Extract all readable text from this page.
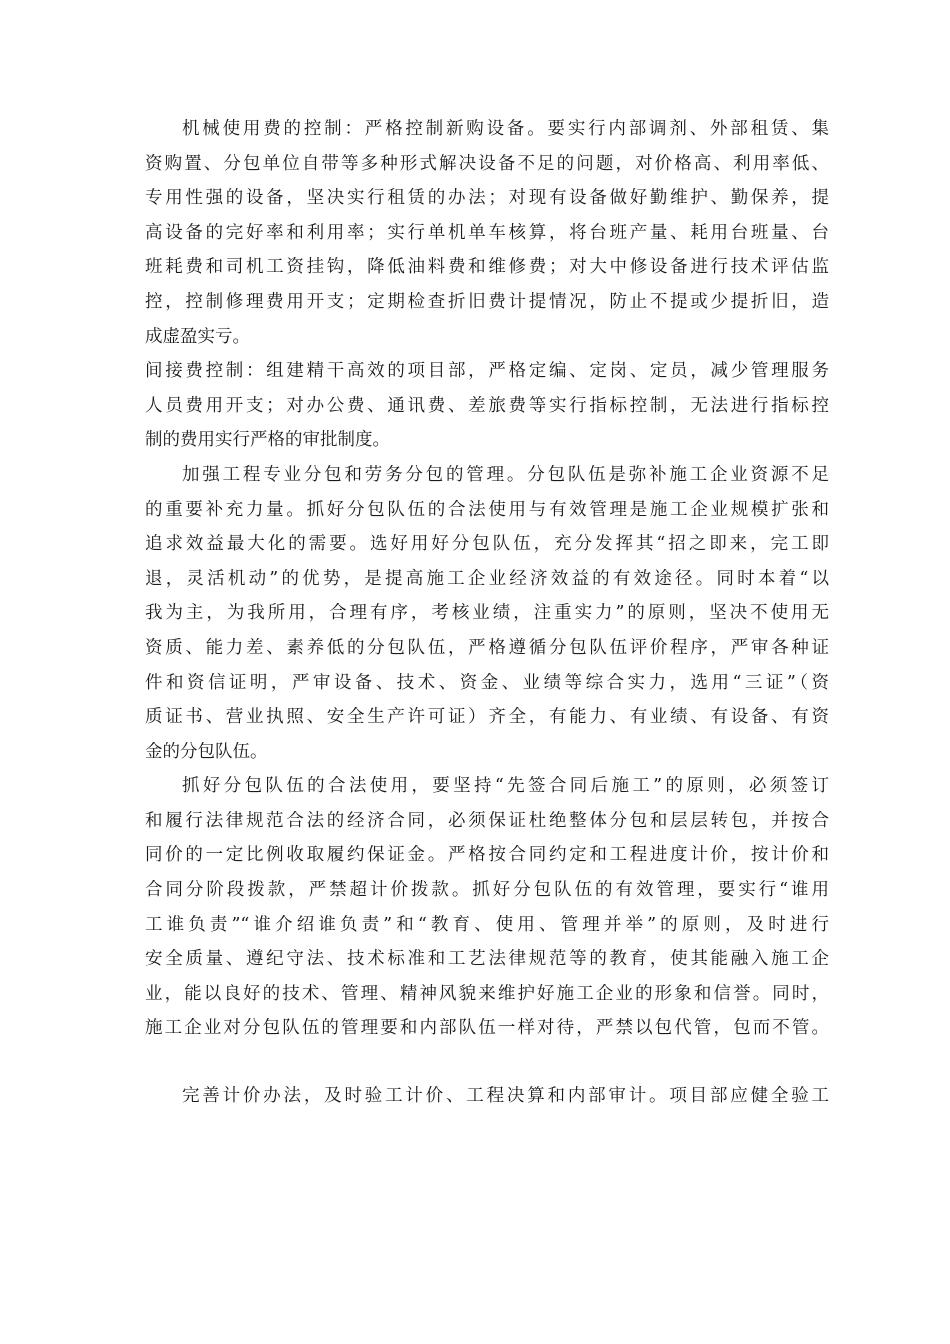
机械使用费的控制：严格控制新购设备。要实行内部调剂、外部租赁、集
资购置、分包单位自带等多种形式解决设备不足的问题，对价格高、利用率低、
专用性强的设备，坚决实行租赁的办法；对现有设备做好勤维护、勤保养，提
高设备的完好率和利用率；实行单机单车核算，将台班产量、耗用台班量、台
班耗费和司机工资挂钩，降低油料费和维修费；对大中修设备进行技术评估监
控，控制修理费用开支；定期检查折旧费计提情况，防止不提或少提折旧，造
成虚盈实亏。
间接费控制：组建精干高效的项目部，严格定编、定岗、定员，减少管理服务
人员费用开支；对办公费、通讯费、差旅费等实行指标控制，无法进行指标控
制的费用实行严格的审批制度。
加强工程专业分包和劳务分包的管理。分包队伍是弥补施工企业资源不足
的重要补充力量。抓好分包队伍的合法使用与有效管理是施工企业规模扩张和
追求效益最大化的需要。选好用好分包队伍，充分发挥其“招之即来，完工即
退，灵活机动”的优势，是提高施工企业经济效益的有效途径。同时本着“以
我为主，为我所用，合理有序，考核业绩，注重实力”的原则，坚决不使用无
资质、能力差、素养低的分包队伍，严格遵循分包队伍评价程序，严审各种证
件和资信证明，严审设备、技术、资金、业绩等综合实力，选用“三证”（资
质证书、营业执照、安全生产许可证）齐全，有能力、有业绩、有设备、有资
金的分包队伍。
抓好分包队伍的合法使用，要坚持“先签合同后施工”的原则，必须签订
和履行法律规范合法的经济合同，必须保证杜绝整体分包和层层转包，并按合
同价的一定比例收取履约保证金。严格按合同约定和工程进度计价，按计价和
合同分阶段拨款，严禁超计价拨款。抓好分包队伍的有效管理，要实行“谁用
工谁负责”“谁介绍谁负责”和“教育、使用、管理并举”的原则，及时进行
安全质量、遵纪守法、技术标准和工艺法律规范等的教育，使其能融入施工企
业，能以良好的技术、管理、精神风貌来维护好施工企业的形象和信誉。同时，
施工企业对分包队伍的管理要和内部队伍一样对待，严禁以包代管，包而不管。
完善计价办法，及时验工计价、工程决算和内部审计。项目部应健全验工
